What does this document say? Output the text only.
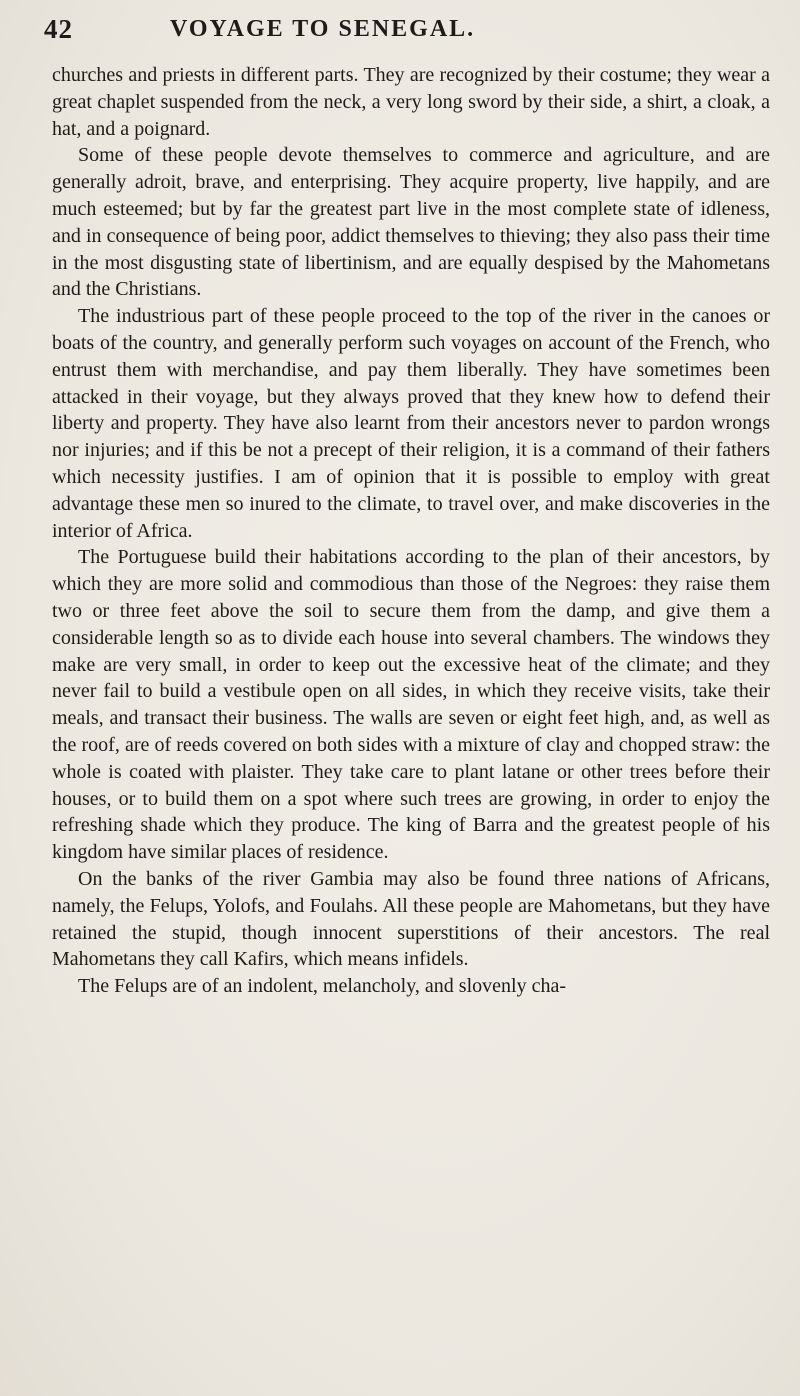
42	VOYAGE TO SENEGAL.

churches and priests in different parts. They are recognized by their costume; they wear a great chaplet suspended from the neck, a very long sword by their side, a shirt, a cloak, a hat, and a poignard.

Some of these people devote themselves to commerce and agriculture, and are generally adroit, brave, and enterprising. They acquire property, live happily, and are much esteemed; but by far the greatest part live in the most complete state of idleness, and in consequence of being poor, addict themselves to thieving; they also pass their time in the most disgusting state of libertinism, and are equally despised by the Mahometans and the Christians.

The industrious part of these people proceed to the top of the river in the canoes or boats of the country, and generally perform such voyages on account of the French, who entrust them with merchandise, and pay them liberally. They have sometimes been attacked in their voyage, but they always proved that they knew how to defend their liberty and property. They have also learnt from their ancestors never to pardon wrongs nor injuries; and if this be not a precept of their religion, it is a command of their fathers which necessity justifies. I am of opinion that it is possible to employ with great advantage these men so inured to the climate, to travel over, and make discoveries in the interior of Africa.

The Portuguese build their habitations according to the plan of their ancestors, by which they are more solid and commodious than those of the Negroes: they raise them two or three feet above the soil to secure them from the damp, and give them a considerable length so as to divide each house into several chambers. The windows they make are very small, in order to keep out the excessive heat of the climate; and they never fail to build a vestibule open on all sides, in which they receive visits, take their meals, and transact their business. The walls are seven or eight feet high, and, as well as the roof, are of reeds covered on both sides with a mixture of clay and chopped straw: the whole is coated with plaister. They take care to plant latane or other trees before their houses, or to build them on a spot where such trees are growing, in order to enjoy the refreshing shade which they produce. The king of Barra and the greatest people of his kingdom have similar places of residence.

On the banks of the river Gambia may also be found three nations of Africans, namely, the Felups, Yolofs, and Foulahs. All these people are Mahometans, but they have retained the stupid, though innocent superstitions of their ancestors. The real Mahometans they call Kafirs, which means infidels.

The Felups are of an indolent, melancholy, and slovenly cha-
